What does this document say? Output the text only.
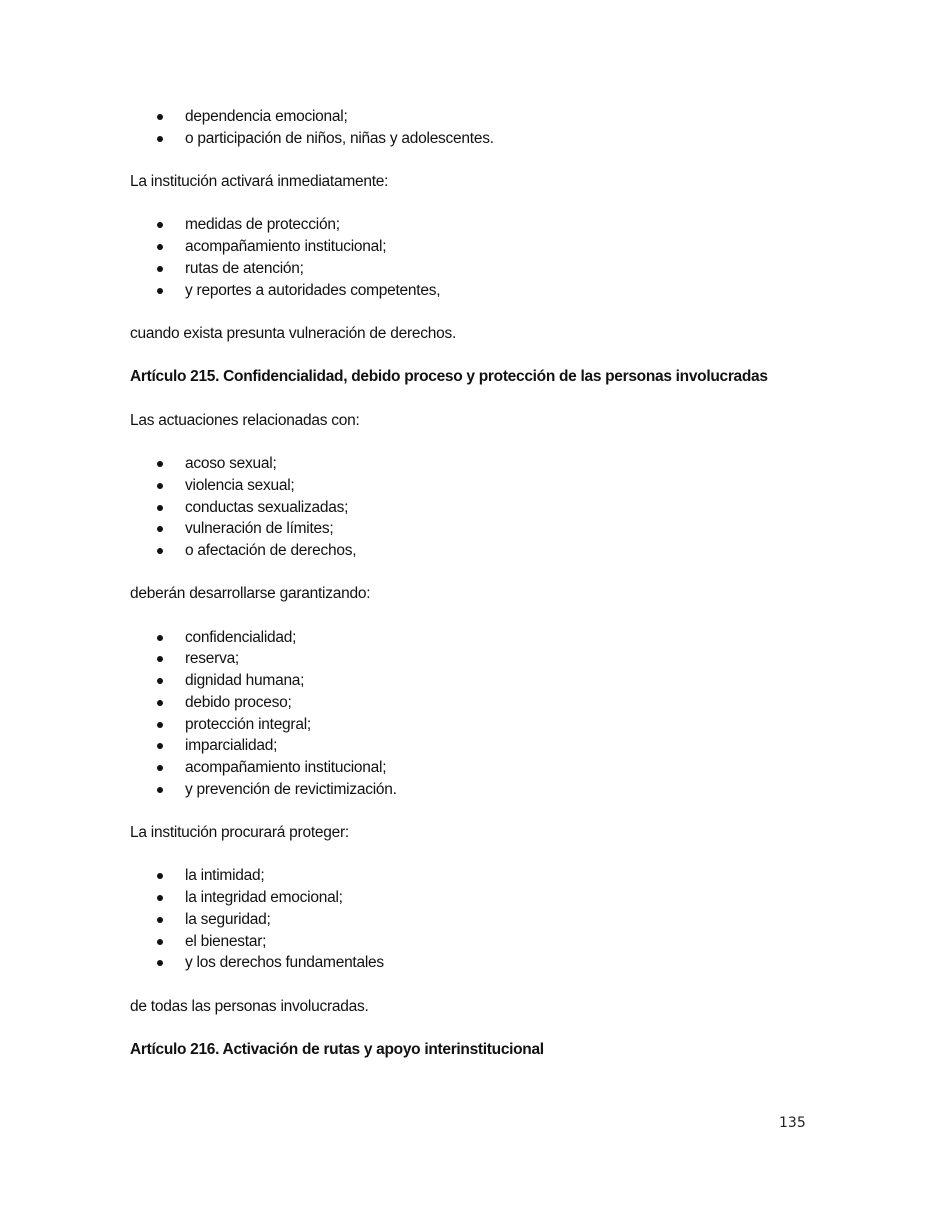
dependencia emocional;
o participación de niños, niñas y adolescentes.

La institución activará inmediatamente:

medidas de protección;
acompañamiento institucional;
rutas de atención;
y reportes a autoridades competentes,

cuando exista presunta vulneración de derechos.

Artículo 215. Confidencialidad, debido proceso y protección de las personas involucradas

Las actuaciones relacionadas con:

acoso sexual;
violencia sexual;
conductas sexualizadas;
vulneración de límites;
o afectación de derechos,

deberán desarrollarse garantizando:

confidencialidad;
reserva;
dignidad humana;
debido proceso;
protección integral;
imparcialidad;
acompañamiento institucional;
y prevención de revictimización.

La institución procurará proteger:

la intimidad;
la integridad emocional;
la seguridad;
el bienestar;
y los derechos fundamentales

de todas las personas involucradas.

Artículo 216. Activación de rutas y apoyo interinstitucional

135
